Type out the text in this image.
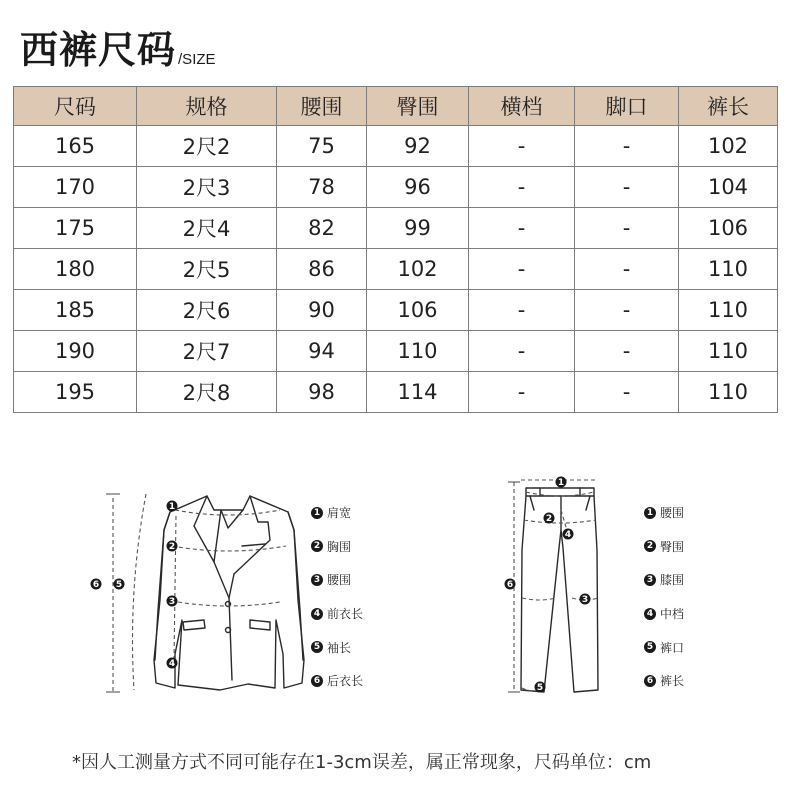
西裤尺码 /SIZE
尺码	规格	腰围	臀围	横档	脚口	裤长
165	2尺2	75	92	-	-	102
170	2尺3	78	96	-	-	104
175	2尺4	82	99	-	-	106
180	2尺5	86	102	-	-	110
185	2尺6	90	106	-	-	110
190	2尺7	94	110	-	-	110
195	2尺8	98	114	-	-	110
1
2
3
4
5
6
1
2
3
4
5
6
1 肩宽
2 胸围
3 腰围
4 前衣长
5 袖长
6 后衣长
1 腰围
2 臀围
3 膝围
4 中档
5 裤口
6 裤长
*因人工测量方式不同可能存在1-3cm误差，属正常现象，尺码单位：cm
